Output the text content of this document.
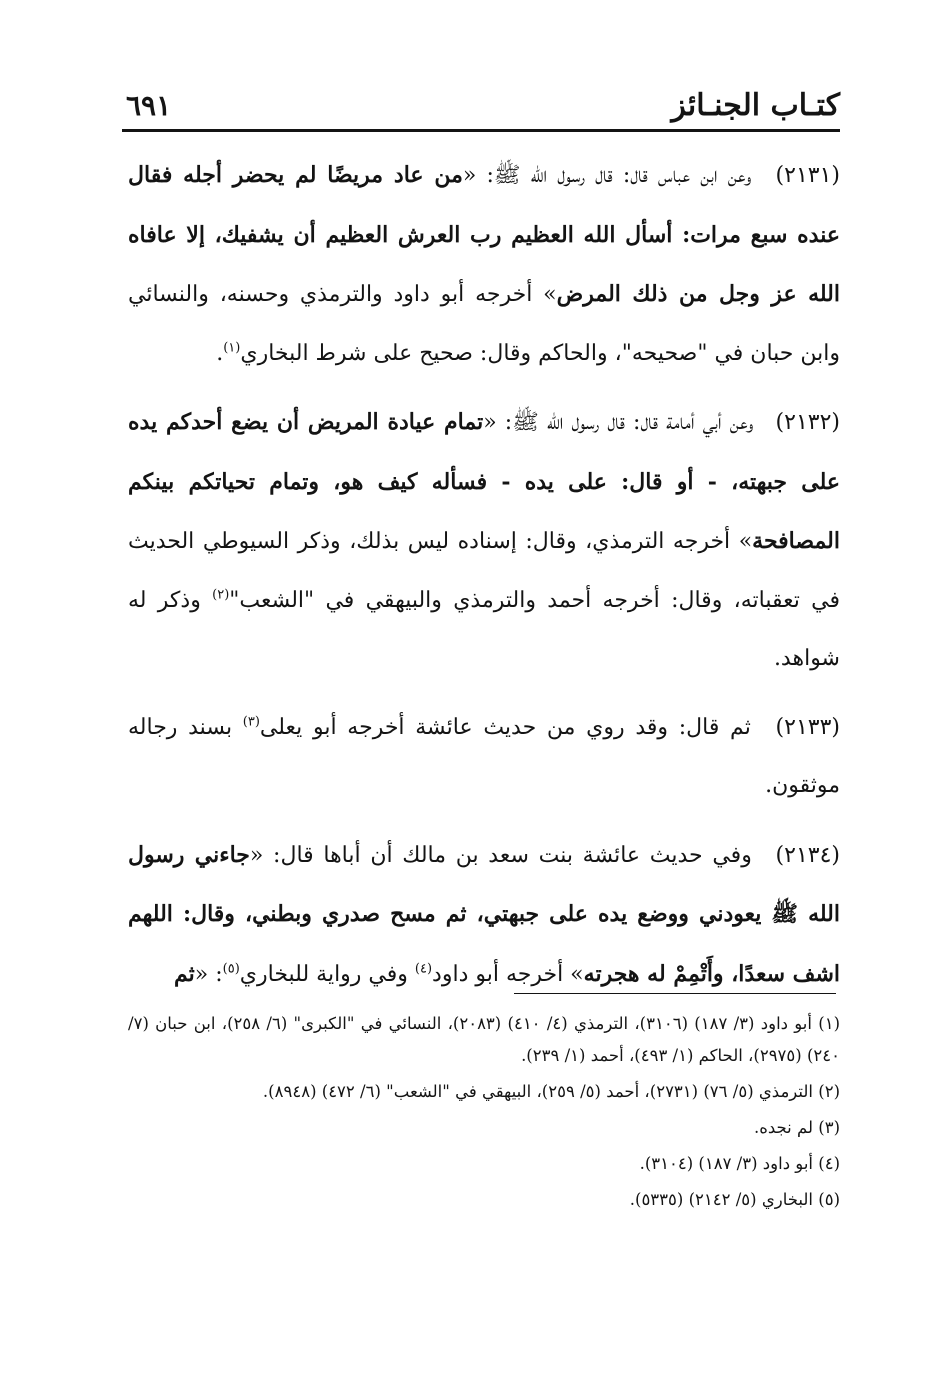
كتـاب الجنـائز
٦٩١

(٢١٣١) وعن ابن عباس قال: قال رسول الله ﷺ: «من عاد مريضًا لم يحضر أجله فقال عنده سبع مرات: أسأل الله العظيم رب العرش العظيم أن يشفيك، إلا عافاه الله عز وجل من ذلك المرض» أخرجه أبو داود والترمذي وحسنه، والنسائي وابن حبان في "صحيحه"، والحاكم وقال: صحيح على شرط البخاري$^{(١)}$.

(٢١٣٢) وعن أبي أمامة قال: قال رسول الله ﷺ: «تمام عيادة المريض أن يضع أحدكم يده على جبهته، - أو قال: على يده - فسأله كيف هو، وتمام تحياتكم بينكم المصافحة» أخرجه الترمذي، وقال: إسناده ليس بذلك، وذكر السيوطي الحديث في تعقباته، وقال: أخرجه أحمد والترمذي والبيهقي في "الشعب"$^{(٢)}$ وذكر له شواهد.

(٢١٣٣) ثم قال: وقد روي من حديث عائشة أخرجه أبو يعلى$^{(٣)}$ بسند رجاله موثقون.

(٢١٣٤) وفي حديث عائشة بنت سعد بن مالك أن أباها قال: «جاءني رسول الله ﷺ يعودني ووضع يده على جبهتي، ثم مسح صدري وبطني، وقال: اللهم اشف سعدًا، وأَتْمِمْ له هجرته» أخرجه أبو داود$^{(٤)}$ وفي رواية للبخاري$^{(٥)}$: «ثم

(١) أبو داود (٣/ ١٨٧) (٣١٠٦)، الترمذي (٤/ ٤١٠) (٢٠٨٣)، النسائي في "الكبرى" (٦/ ٢٥٨)، ابن حبان (٧/ ٢٤٠) (٢٩٧٥)، الحاكم (١/ ٤٩٣)، أحمد (١/ ٢٣٩).

(٢) الترمذي (٥/ ٧٦) (٢٧٣١)، أحمد (٥/ ٢٥٩)، البيهقي في "الشعب" (٦/ ٤٧٢) (٨٩٤٨).

(٣) لم نجده.

(٤) أبو داود (٣/ ١٨٧) (٣١٠٤).

(٥) البخاري (٥/ ٢١٤٢) (٥٣٣٥).
